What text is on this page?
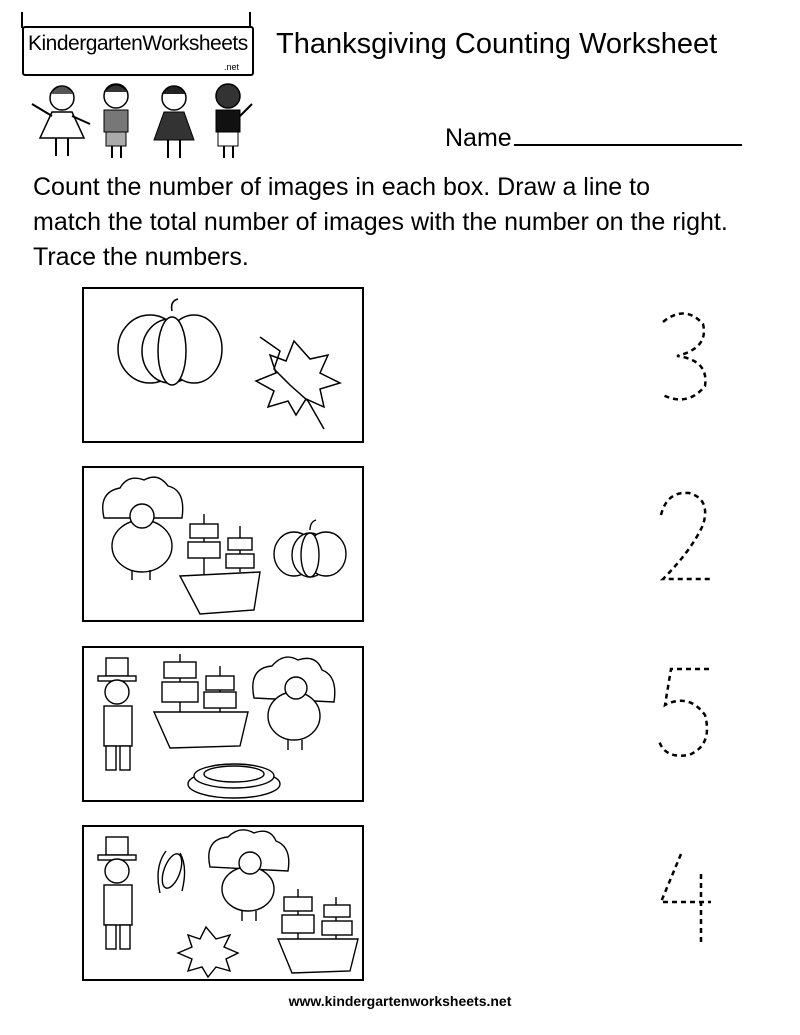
KindergartenWorksheets
.net
Thanksgiving Counting Worksheet
Name

Count the number of images in each box. Draw a line to

match the total number of images with the number on the right.

Trace the numbers.

3
2
5
4
www.kindergartenworksheets.net
